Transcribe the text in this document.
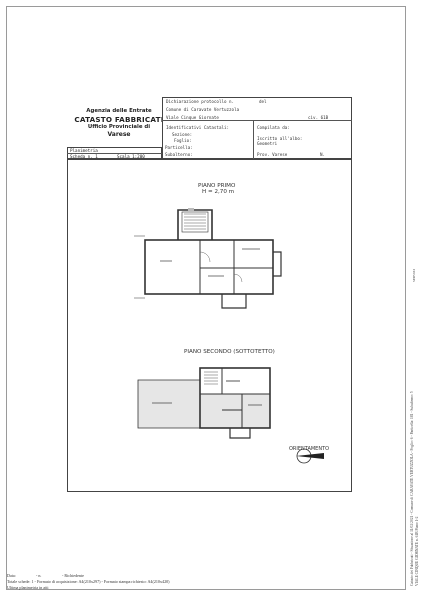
Agenzia delle Entrate
CATASTO FABBRICATI
Ufficio Provinciale di
Varese
Dichiarazione protocollo n.	del
Comune di Caravate Vertuzzola
Viale Cinque Giornate	civ. 61B
Identificativi Catastali:
Sezione:
Foglio:
Particella:
Subalterno:
Compilata da:
Iscritto all'albo:
Geometri
Prov. Varese	N.
Planimetria
Scheda n. 1	Scala 1:200
PIANO PRIMO
H = 2,70 m
PIANO SECONDO (SOTTOTETTO)
ORIENTAMENTO
Data:	- n.	- Richiedente
Totale schede: 1 - Formato di acquisizione: A4(210x297) - Formato stampa richiesto: A4(210x420)
Ultima planimetria in atti
SERVIZI
Catasto dei Fabbricati - Situazione al 11/02/2021 - Comune di CARAVATE VERTUZZOLA - Foglio: 6 - Particella: 181 - Subalterno: 5 VIALE CINQUE GIORNATE n. 61B Piano 1-2
